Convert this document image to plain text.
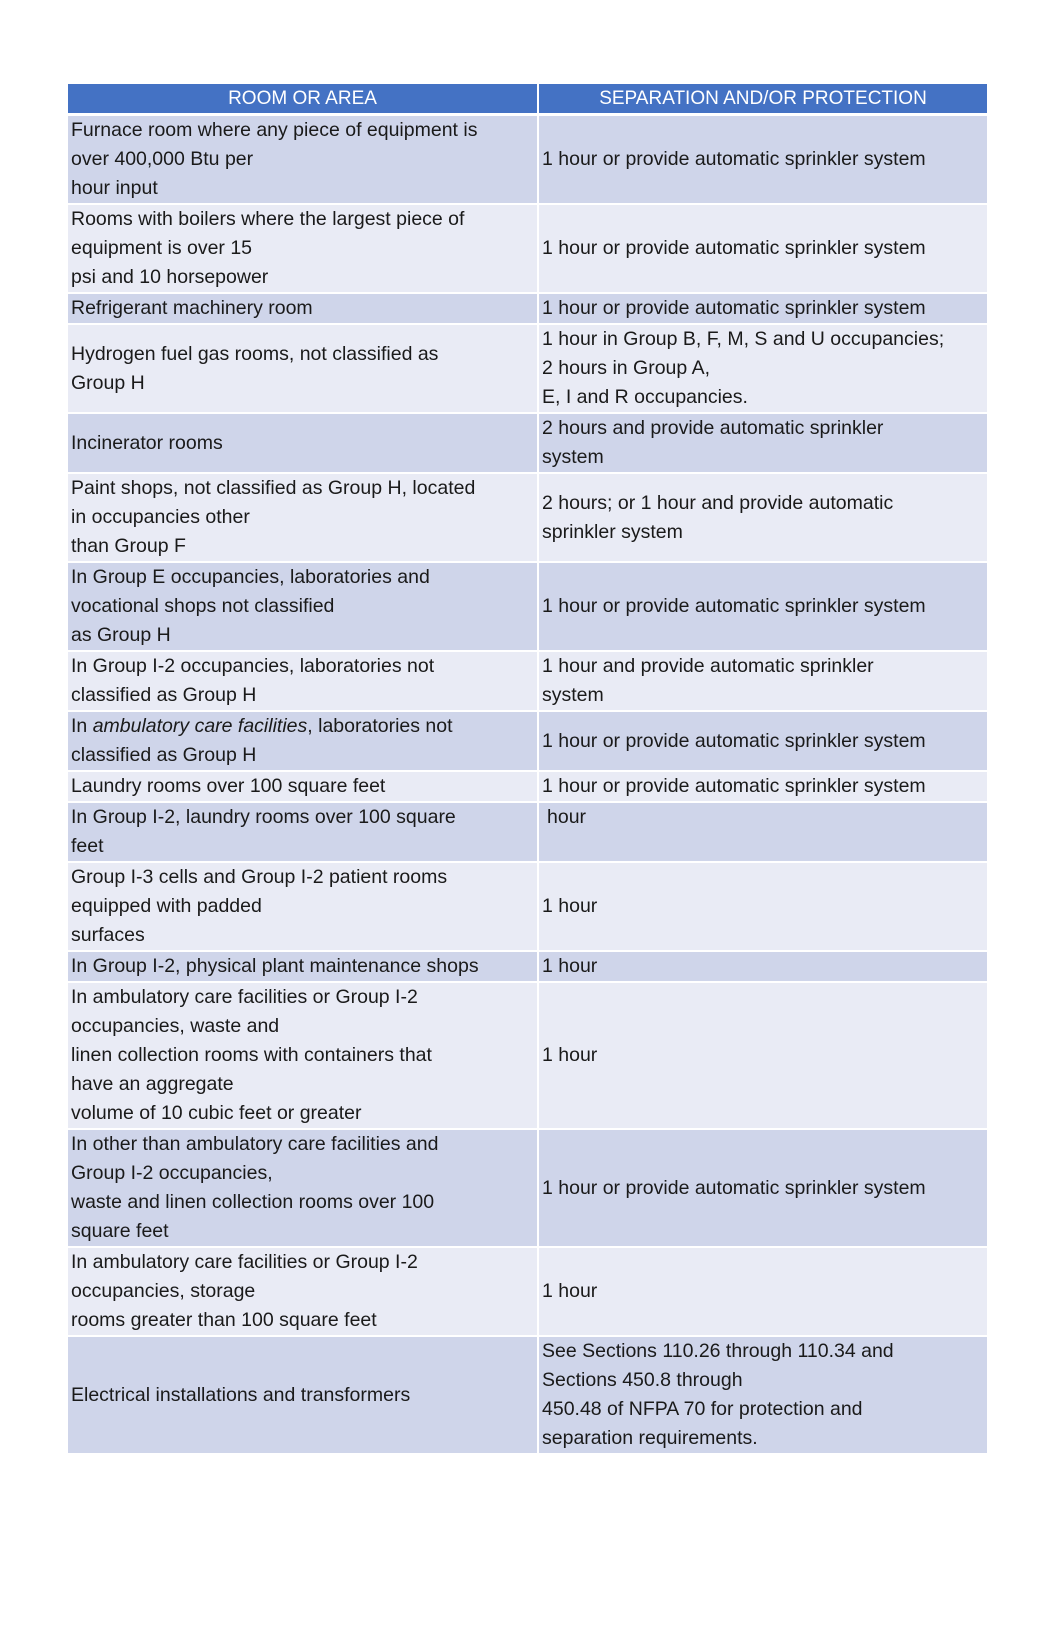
ROOM OR AREA	SEPARATION AND/OR PROTECTION
Furnace room where any piece of equipment is
over 400,000 Btu per
hour input	1 hour or provide automatic sprinkler system
Rooms with boilers where the largest piece of
equipment is over 15
psi and 10 horsepower	1 hour or provide automatic sprinkler system
Refrigerant machinery room	1 hour or provide automatic sprinkler system
Hydrogen fuel gas rooms, not classified as
Group H	1 hour in Group B, F, M, S and U occupancies;
2 hours in Group A,
E, I and R occupancies.
Incinerator rooms	2 hours and provide automatic sprinkler
system
Paint shops, not classified as Group H, located
in occupancies other
than Group F	2 hours; or 1 hour and provide automatic
sprinkler system
In Group E occupancies, laboratories and
vocational shops not classified
as Group H	1 hour or provide automatic sprinkler system
In Group I-2 occupancies, laboratories not
classified as Group H	1 hour and provide automatic sprinkler
system
In ambulatory care facilities, laboratories not
classified as Group H	1 hour or provide automatic sprinkler system
Laundry rooms over 100 square feet	1 hour or provide automatic sprinkler system
In Group I-2, laundry rooms over 100 square
feet	hour
Group I-3 cells and Group I-2 patient rooms
equipped with padded
surfaces	1 hour
In Group I-2, physical plant maintenance shops	1 hour
In ambulatory care facilities or Group I-2
occupancies, waste and
linen collection rooms with containers that
have an aggregate
volume of 10 cubic feet or greater	1 hour
In other than ambulatory care facilities and
Group I-2 occupancies,
waste and linen collection rooms over 100
square feet	1 hour or provide automatic sprinkler system
In ambulatory care facilities or Group I-2
occupancies, storage
rooms greater than 100 square feet	1 hour
Electrical installations and transformers	See Sections 110.26 through 110.34 and
Sections 450.8 through
450.48 of NFPA 70 for protection and
separation requirements.
